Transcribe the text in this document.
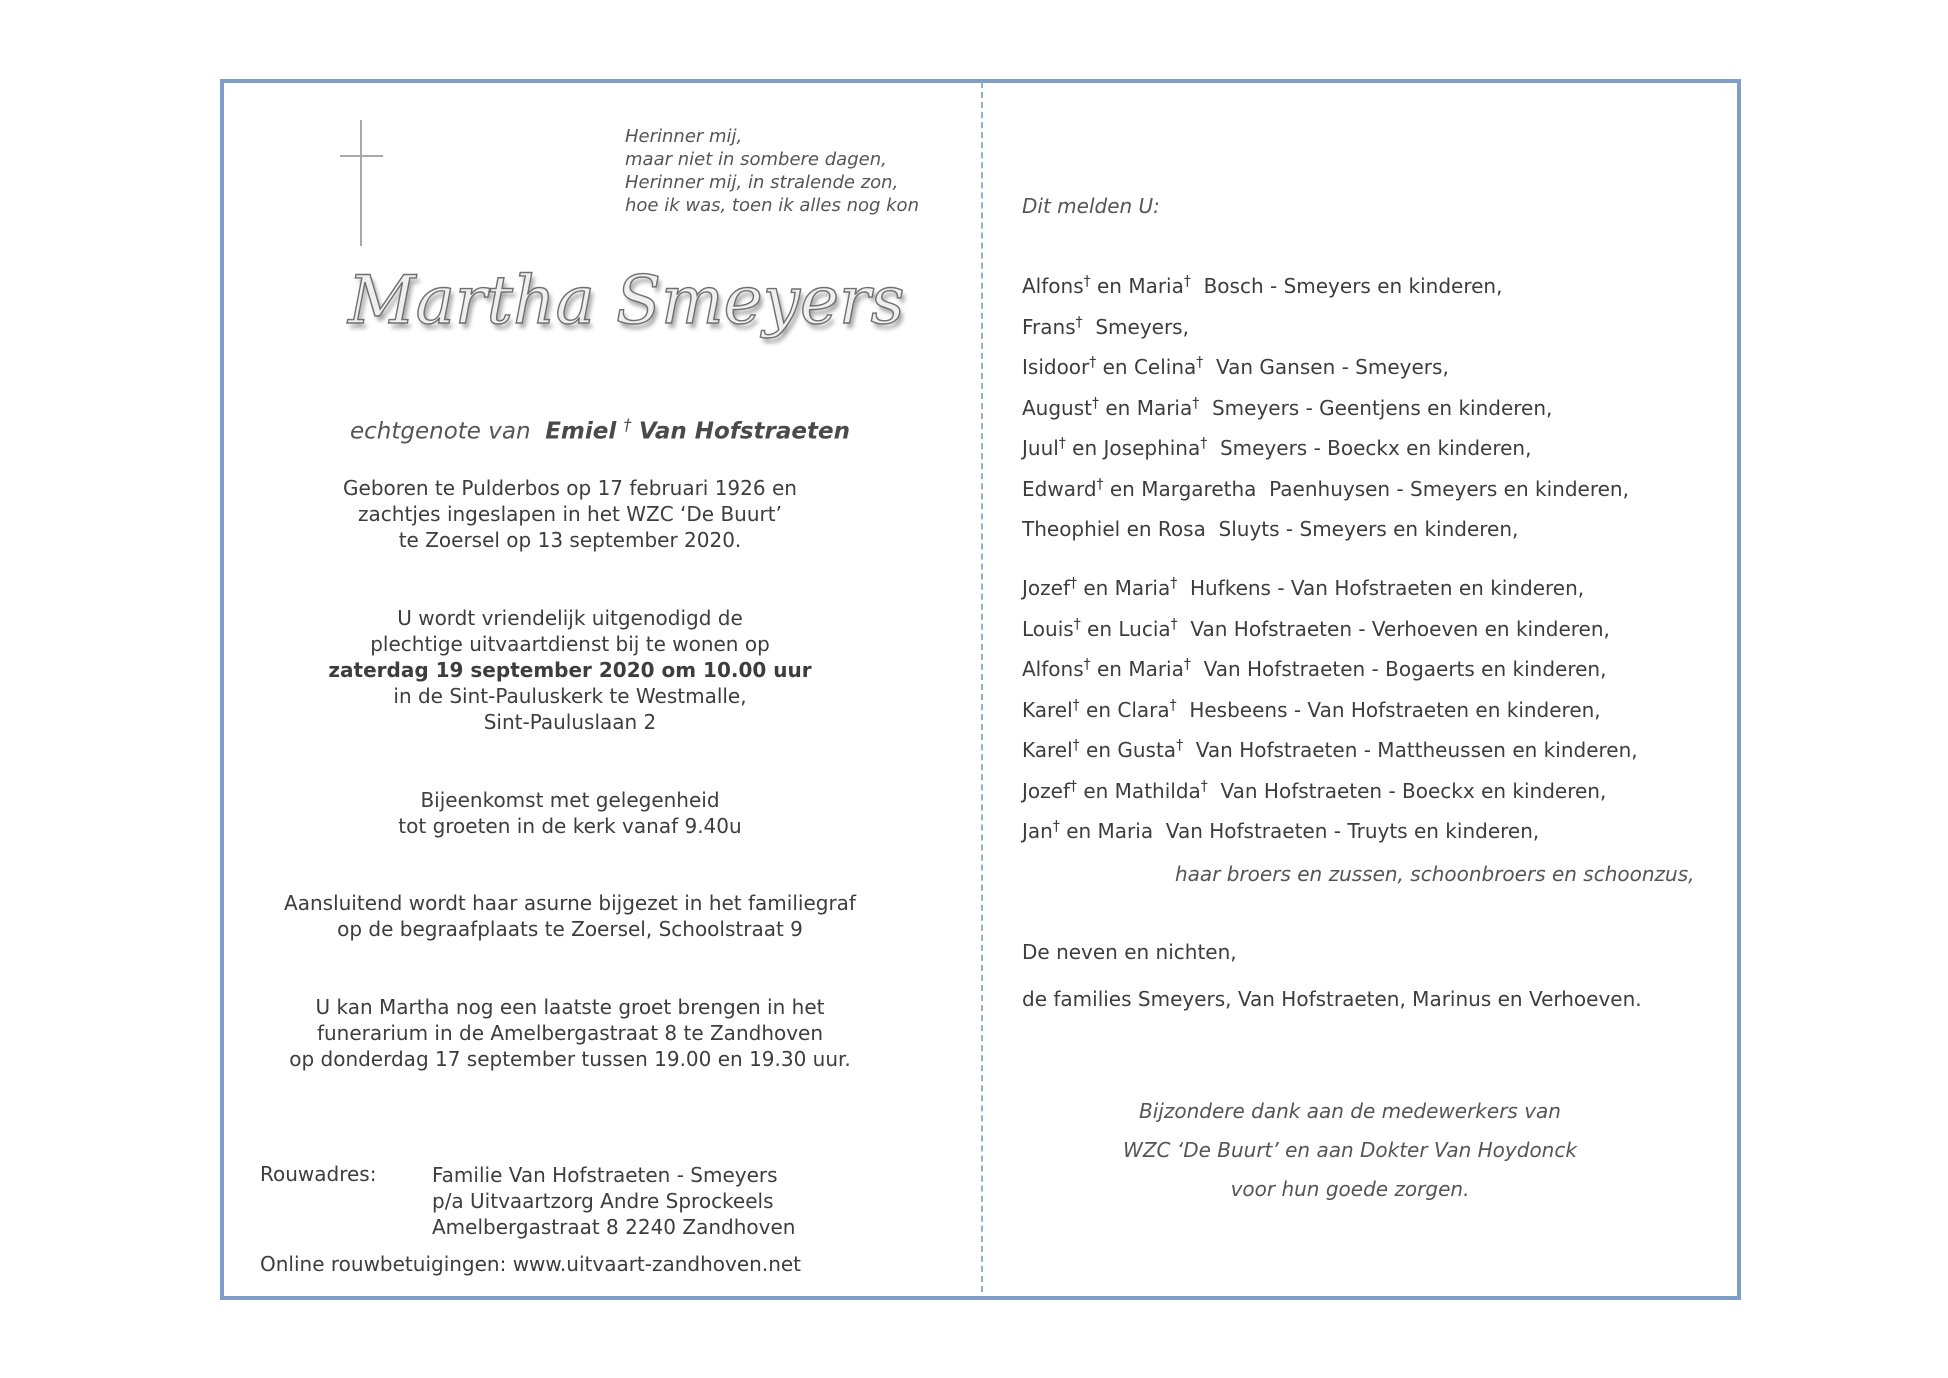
Herinner mij,
maar niet in sombere dagen,
Herinner mij, in stralende zon,
hoe ik was, toen ik alles nog kon
Martha Smeyers
echtgenote van Emiel † Van Hofstraeten
Geboren te Pulderbos op 17 februari 1926 en
zachtjes ingeslapen in het WZC ‘De Buurt’
te Zoersel op 13 september 2020.
U wordt vriendelijk uitgenodigd de
plechtige uitvaartdienst bij te wonen op
zaterdag 19 september 2020 om 10.00 uur
in de Sint-Pauluskerk te Westmalle,
Sint-Pauluslaan 2
Bijeenkomst met gelegenheid
tot groeten in de kerk vanaf 9.40u
Aansluitend wordt haar asurne bijgezet in het familiegraf
op de begraafplaats te Zoersel, Schoolstraat 9
U kan Martha nog een laatste groet brengen in het
funerarium in de Amelbergastraat 8 te Zandhoven
op donderdag 17 september tussen 19.00 en 19.30 uur.
Rouwadres:	Familie Van Hofstraeten - Smeyers
p/a Uitvaartzorg Andre Sprockeels
Amelbergastraat 8 2240 Zandhoven
Online rouwbetuigingen: www.uitvaart-zandhoven.net
Dit melden U:
Alfons† en Maria†  Bosch - Smeyers en kinderen,
Frans†  Smeyers,
Isidoor† en Celina†  Van Gansen - Smeyers,
August† en Maria†  Smeyers - Geentjens en kinderen,
Juul† en Josephina†  Smeyers - Boeckx en kinderen,
Edward† en Margaretha  Paenhuysen - Smeyers en kinderen,
Theophiel en Rosa  Sluyts - Smeyers en kinderen,
Jozef† en Maria†  Hufkens - Van Hofstraeten en kinderen,
Louis† en Lucia†  Van Hofstraeten - Verhoeven en kinderen,
Alfons† en Maria†  Van Hofstraeten - Bogaerts en kinderen,
Karel† en Clara†  Hesbeens - Van Hofstraeten en kinderen,
Karel† en Gusta†  Van Hofstraeten - Mattheussen en kinderen,
Jozef† en Mathilda†  Van Hofstraeten - Boeckx en kinderen,
Jan† en Maria  Van Hofstraeten - Truyts en kinderen,
haar broers en zussen, schoonbroers en schoonzus,
De neven en nichten,
de families Smeyers, Van Hofstraeten, Marinus en Verhoeven.
Bijzondere dank aan de medewerkers van
WZC ‘De Buurt’ en aan Dokter Van Hoydonck
voor hun goede zorgen.
